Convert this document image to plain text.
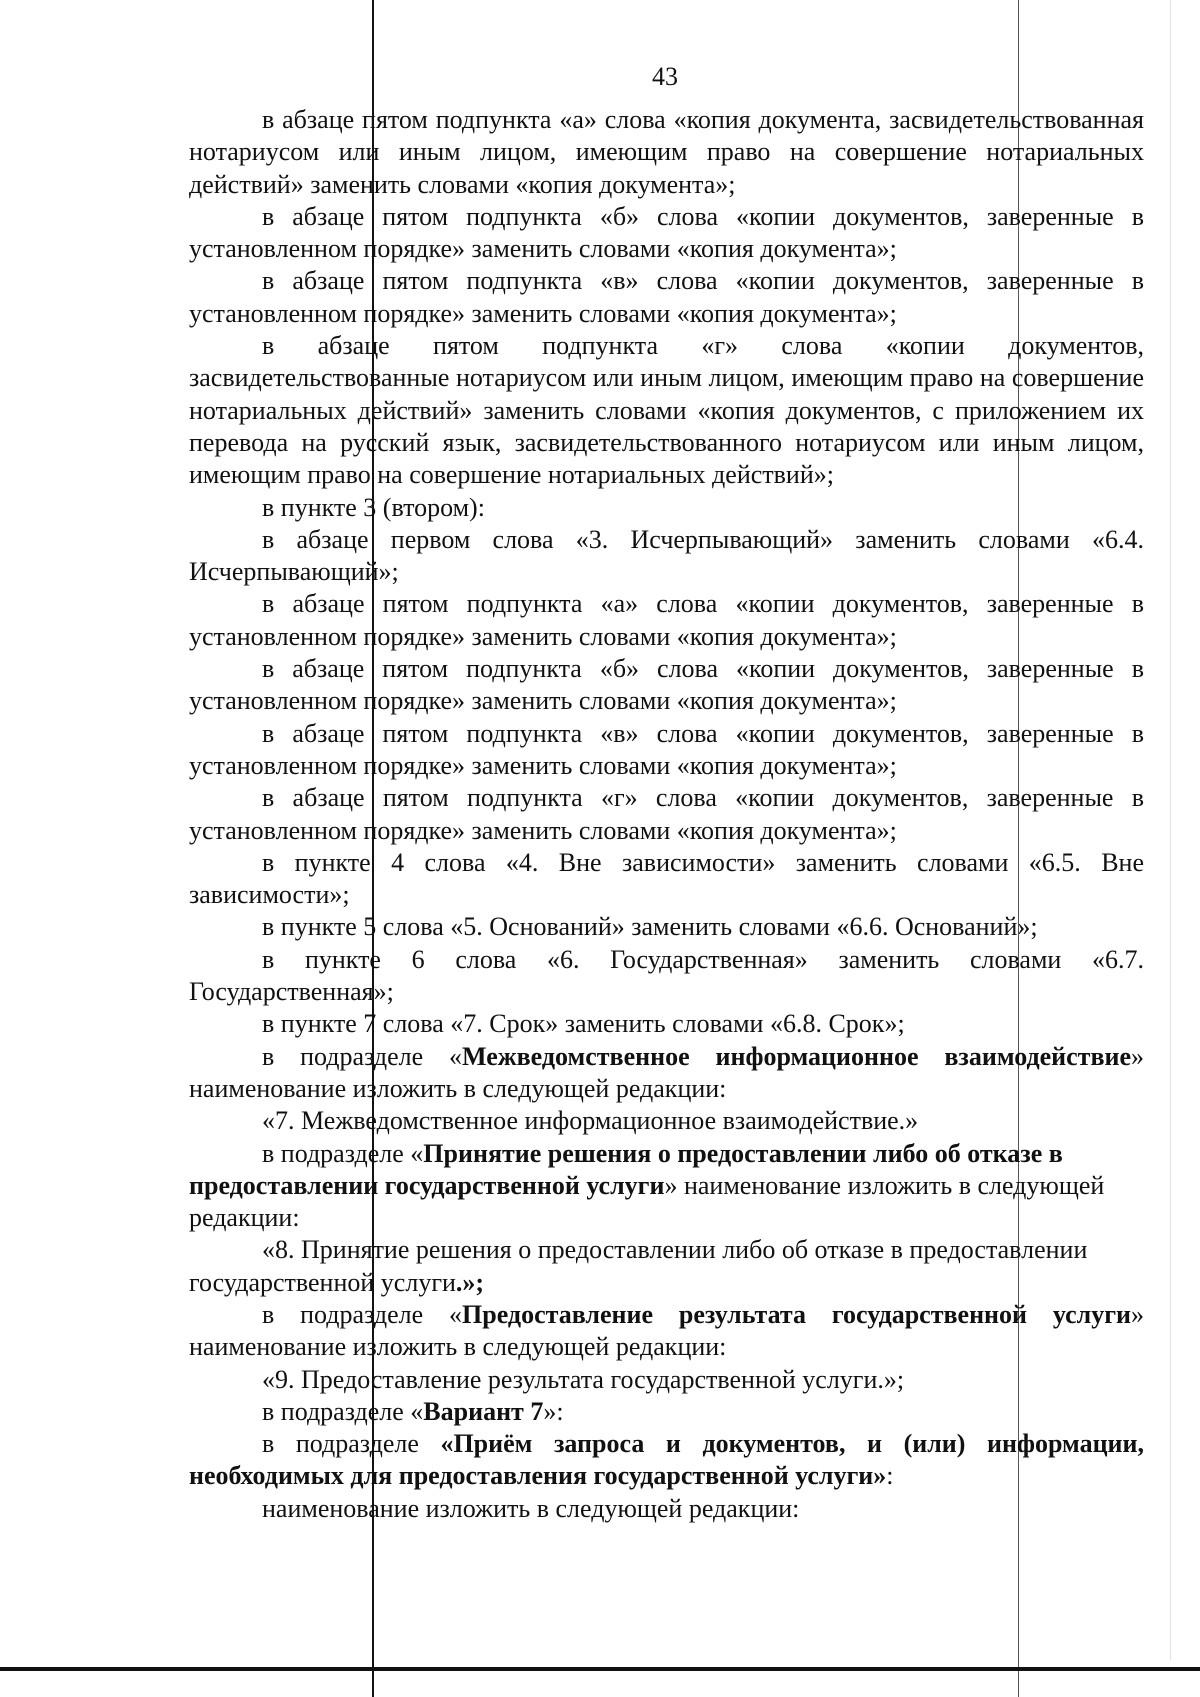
43

в абзаце пятом подпункта «а» слова «копия документа, засвидетельствованная нотариусом или иным лицом, имеющим право на совершение нотариальных действий» заменить словами «копия документа»;

в абзаце пятом подпункта «б» слова «копии документов, заверенные в установленном порядке» заменить словами «копия документа»;

в абзаце пятом подпункта «в» слова «копии документов, заверенные в установленном порядке» заменить словами «копия документа»;

в абзаце пятом подпункта «г» слова «копии документов, засвидетельствованные нотариусом или иным лицом, имеющим право на совершение нотариальных действий» заменить словами «копия документов, с приложением их перевода на русский язык, засвидетельствованного нотариусом или иным лицом, имеющим право на совершение нотариальных действий»;

в пункте 3 (втором):

в абзаце первом слова «3. Исчерпывающий» заменить словами «6.4. Исчерпывающий»;

в абзаце пятом подпункта «а» слова «копии документов, заверенные в установленном порядке» заменить словами «копия документа»;

в абзаце пятом подпункта «б» слова «копии документов, заверенные в установленном порядке» заменить словами «копия документа»;

в абзаце пятом подпункта «в» слова «копии документов, заверенные в установленном порядке» заменить словами «копия документа»;

в абзаце пятом подпункта «г» слова «копии документов, заверенные в установленном порядке» заменить словами «копия документа»;

в пункте 4 слова «4. Вне зависимости» заменить словами «6.5. Вне зависимости»;

в пункте 5 слова «5. Оснований» заменить словами «6.6. Оснований»;

в пункте 6 слова «6. Государственная» заменить словами «6.7. Государственная»;

в пункте 7 слова «7. Срок» заменить словами «6.8. Срок»;

в подразделе «Межведомственное информационное взаимодействие» наименование изложить в следующей редакции:

«7. Межведомственное информационное взаимодействие.»

в подразделе «Принятие решения о предоставлении либо об отказе в предоставлении государственной услуги» наименование изложить в следующей редакции:

«8. Принятие решения о предоставлении либо об отказе в предоставлении государственной услуги.»;

в подразделе «Предоставление результата государственной услуги» наименование изложить в следующей редакции:

«9. Предоставление результата государственной услуги.»;

в подразделе «Вариант 7»:

в подразделе «Приём запроса и документов, и (или) информации, необходимых для предоставления государственной услуги»:

наименование изложить в следующей редакции:
